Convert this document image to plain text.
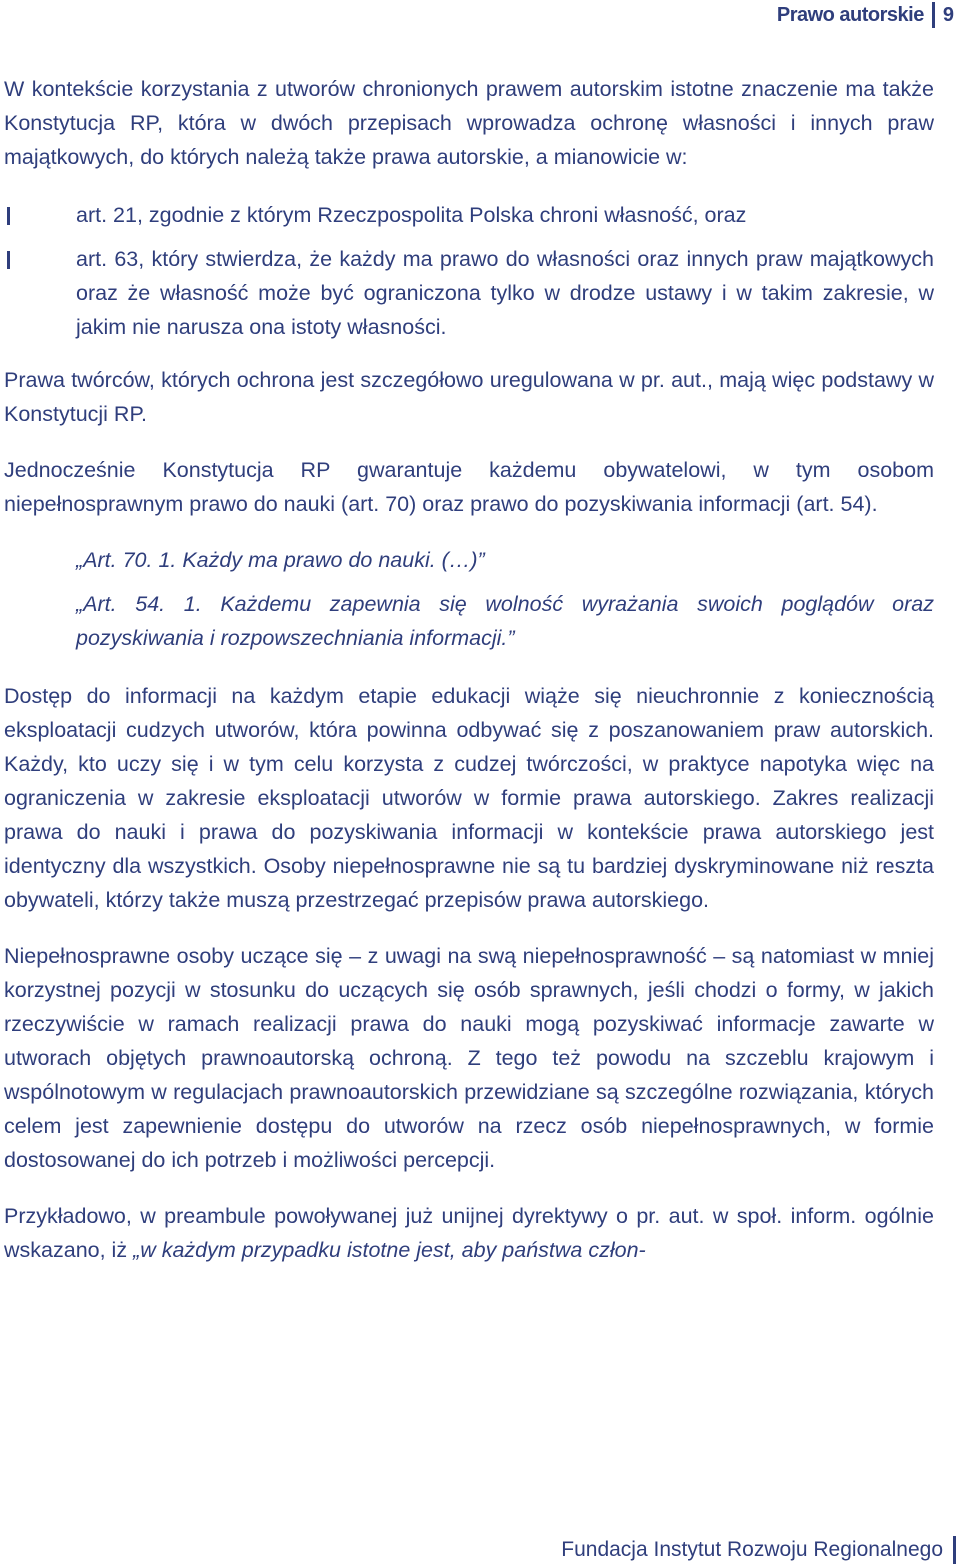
Prawo autorskie 9

W kontekście korzystania z utworów chronionych prawem autorskim istotne znaczenie ma także Konstytucja RP, która w dwóch przepisach wprowadza ochronę własności i innych praw majątkowych, do których należą także prawa autorskie, a mianowicie w:

art. 21, zgodnie z którym Rzeczpospolita Polska chroni własność, oraz
art. 63, który stwierdza, że każdy ma prawo do własności oraz innych praw majątkowych oraz że własność może być ograniczona tylko w drodze ustawy i w takim zakresie, w jakim nie narusza ona istoty własności.

Prawa twórców, których ochrona jest szczegółowo uregulowana w pr. aut., mają więc podstawy w Konstytucji RP.

Jednocześnie Konstytucja RP gwarantuje każdemu obywatelowi, w tym osobom niepełnosprawnym prawo do nauki (art. 70) oraz prawo do pozyskiwania informacji (art. 54).

„Art. 70. 1. Każdy ma prawo do nauki. (…)”
„Art. 54. 1. Każdemu zapewnia się wolność wyrażania swoich poglądów oraz pozyskiwania i rozpowszechniania informacji.”

Dostęp do informacji na każdym etapie edukacji wiąże się nieuchronnie z koniecznością eksploatacji cudzych utworów, która powinna odbywać się z poszanowaniem praw autorskich. Każdy, kto uczy się i w tym celu korzysta z cudzej twórczości, w praktyce napotyka więc na ograniczenia w zakresie eksploatacji utworów w formie prawa autorskiego. Zakres realizacji prawa do nauki i prawa do pozyskiwania informacji w kontekście prawa autorskiego jest identyczny dla wszystkich. Osoby niepełnosprawne nie są tu bardziej dyskryminowane niż reszta obywateli, którzy także muszą przestrzegać przepisów prawa autorskiego.

Niepełnosprawne osoby uczące się – z uwagi na swą niepełnosprawność – są natomiast w mniej korzystnej pozycji w stosunku do uczących się osób sprawnych, jeśli chodzi o formy, w jakich rzeczywiście w ramach realizacji prawa do nauki mogą pozyskiwać informacje zawarte w utworach objętych prawnoautorską ochroną. Z tego też powodu na szczeblu krajowym i wspólnotowym w regulacjach prawnoautorskich przewidziane są szczególne rozwiązania, których celem jest zapewnienie dostępu do utworów na rzecz osób niepełnosprawnych, w formie dostosowanej do ich potrzeb i możliwości percepcji.

Przykładowo, w preambule powoływanej już unijnej dyrektywy o pr. aut. w społ. inform. ogólnie wskazano, iż „w każdym przypadku istotne jest, aby państwa człon-

Fundacja Instytut Rozwoju Regionalnego
